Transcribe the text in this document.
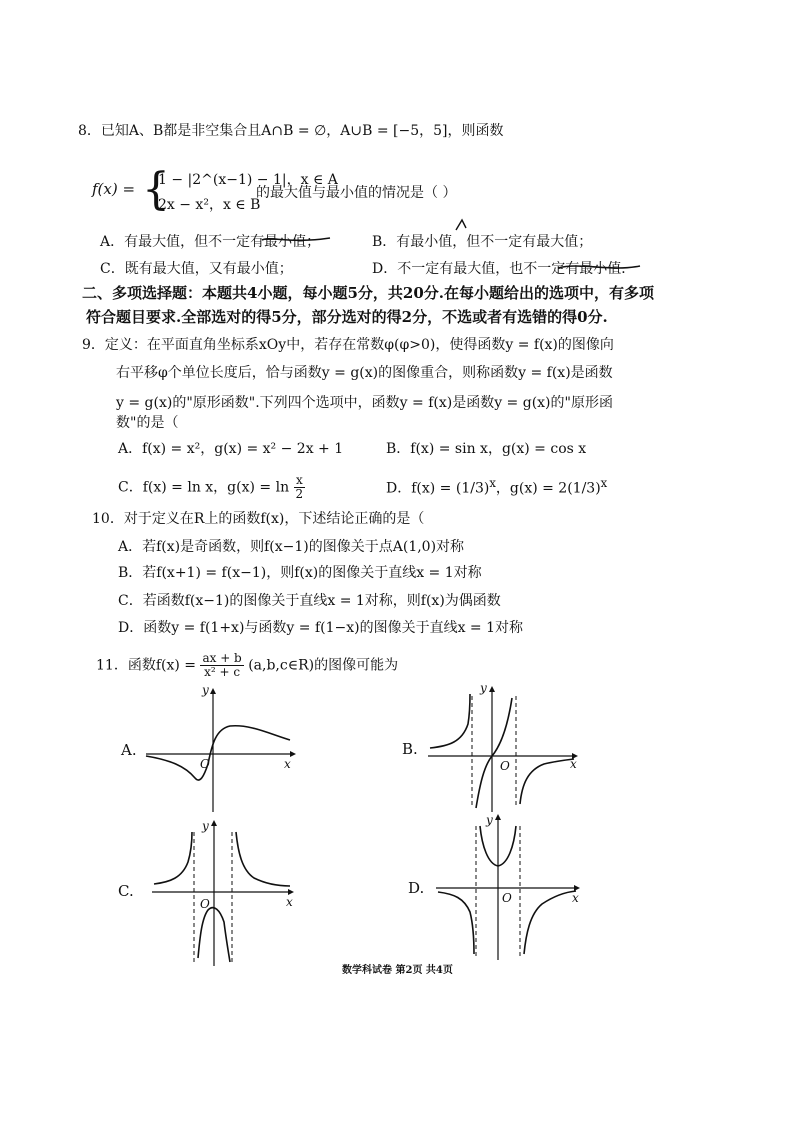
8．已知A、B都是非空集合且A∩B = ∅，A∪B = [−5，5]，则函数
f(x) = {
1 − |2^(x−1) − 1|，x ∈ A
2x − x²，x ∈ B
的最大值与最小值的情况是（ ）
A．有最大值，但不一定有最小值；	B．有最小值，但不一定有最大值；
C．既有最大值，又有最小值；	D．不一定有最大值，也不一定有最小值．
二、多项选择题：本题共4小题，每小题5分，共20分.在每小题给出的选项中，有多项
符合题目要求.全部选对的得5分，部分选对的得2分，不选或者有选错的得0分.
9．定义：在平面直角坐标系xOy中，若存在常数φ(φ>0)，使得函数y = f(x)的图像向
右平移φ个单位长度后，恰与函数y = g(x)的图像重合，则称函数y = f(x)是函数
y = g(x)的"原形函数".下列四个选项中，函数y = f(x)是函数y = g(x)的"原形函
数"的是（
A．f(x) = x²，g(x) = x² − 2x + 1	B．f(x) = sin x，g(x) = cos x
C．f(x) = ln x，$g(x) = \ln \frac{x}{2}$	D．$f(x) = (1/3)^x$，$g(x) = 2(1/3)^x$
10．对于定义在R上的函数f(x)，下述结论正确的是（
A．若f(x)是奇函数，则f(x−1)的图像关于点A(1,0)对称
B．若f(x+1) = f(x−1)，则f(x)的图像关于直线x = 1对称
C．若函数f(x−1)的图像关于直线x = 1对称，则f(x)为偶函数
D．函数y = f(1+x)与函数y = f(1−x)的图像关于直线x = 1对称
11．函数$f(x) = \frac{ax + b}{\text{x² + c}}$ (a,b,c∈R)的图像可能为
A.	B.
C.	D.
x
y
O	x
y
O
x
y
O	x
y
O
数学科试卷 第2页 共4页
